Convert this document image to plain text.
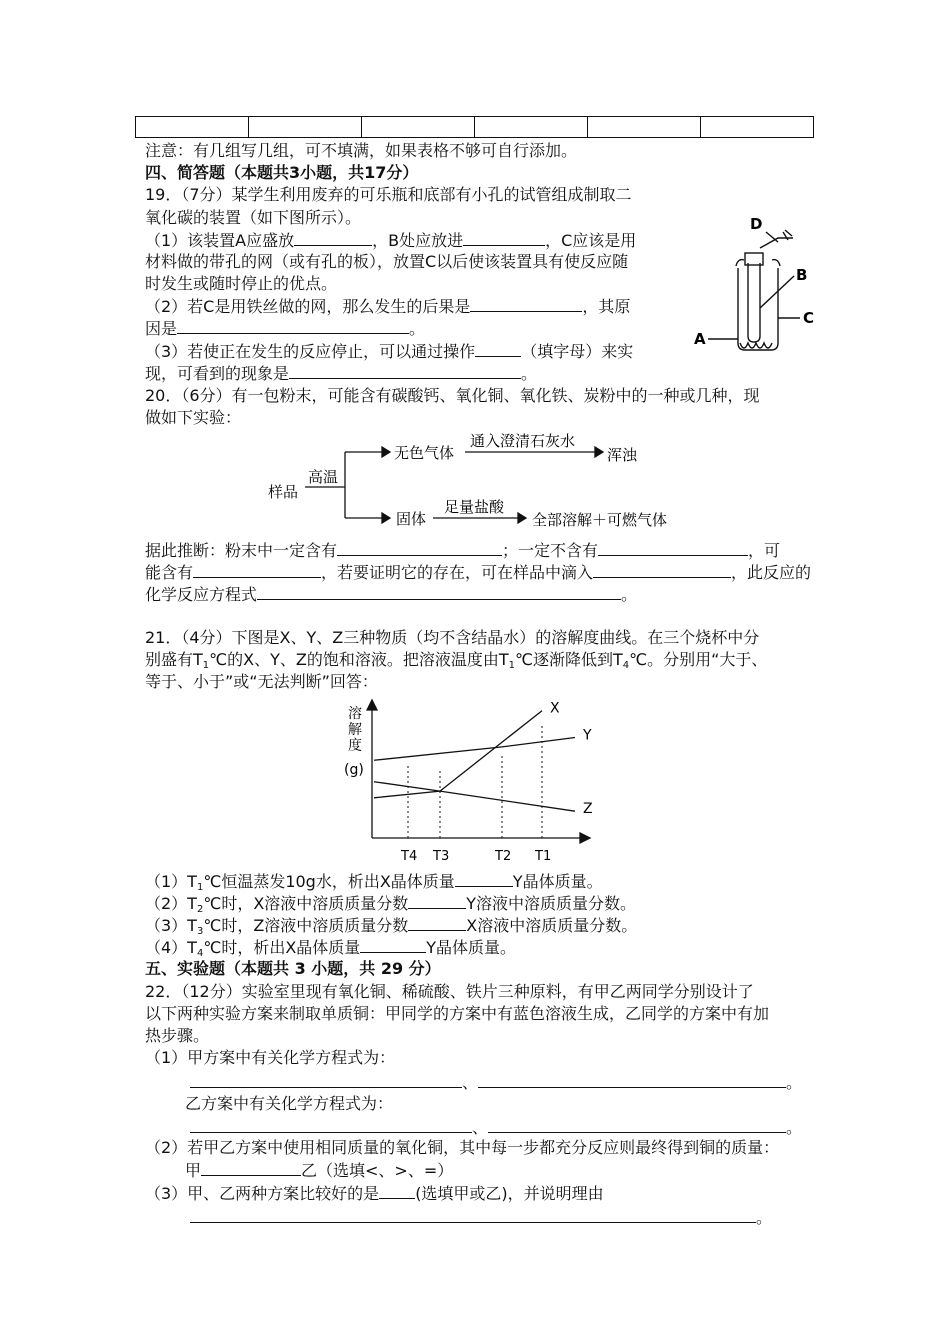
注意：有几组写几组，可不填满，如果表格不够可自行添加。
四、简答题（本题共3小题，共17分）
19．（7分）某学生利用废弃的可乐瓶和底部有小孔的试管组成制取二
氧化碳的装置（如下图所示）。
（1）该装置A应盛放	，B处应放进	，C应该是用
材料做的带孔的网（或有孔的板），放置C以后使该装置具有使反应随
时发生或随时停止的优点。
（2）若C是用铁丝做的网，那么发生的后果是	，其原
因是	。
（3）若使正在发生的反应停止，可以通过操作	（填字母）来实
现，可看到的现象是	。
D
B
C
A
20．（6分）有一包粉末，可能含有碳酸钙、氧化铜、氧化铁、炭粉中的一种或几种，现
做如下实验：
样品
高温
无色气体
通入澄清石灰水
浑浊
固体
足量盐酸
全部溶解＋可燃气体
据此推断：粉末中一定含有	；一定不含有	，可
能含有	，若要证明它的存在，可在样品中滴入	，此反应的
化学反应方程式	。
21．（4分）下图是X、Y、Z三种物质（均不含结晶水）的溶解度曲线。在三个烧杯中分
别盛有$T_1℃$的X、Y、Z的饱和溶液。把溶液温度由$T_1℃$逐渐降低到$T_4℃$。分别用“大于、
等于、小于”或“无法判断”回答：
T4 T3	T2 T1
X
Y
Z
溶
解
度
(g)
$(1)T_1℃$恒温蒸发10g水，析出X晶体质量	Y晶体质量。
$(2)T_2℃$时，X溶液中溶质质量分数	Y溶液中溶质质量分数。
$(3)T_3℃$时，Z溶液中溶质质量分数	X溶液中溶质质量分数。
$(4)T_4℃$时，析出X晶体质量	Y晶体质量。
五、实验题（本题共 3 小题，共 29 分）
22．（12分）实验室里现有氧化铜、稀硫酸、铁片三种原料，有甲乙两同学分别设计了
以下两种实验方案来制取单质铜：甲同学的方案中有蓝色溶液生成，乙同学的方案中有加
热步骤。
（1）甲方案中有关化学方程式为：
、	。
乙方案中有关化学方程式为：
、	。
（2）若甲乙方案中使用相同质量的氧化铜，其中每一步都充分反应则最终得到铜的质量：
甲	乙（选填<、>、=）
（3）甲、乙两种方案比较好的是 (选填甲或乙)，并说明理由
。
